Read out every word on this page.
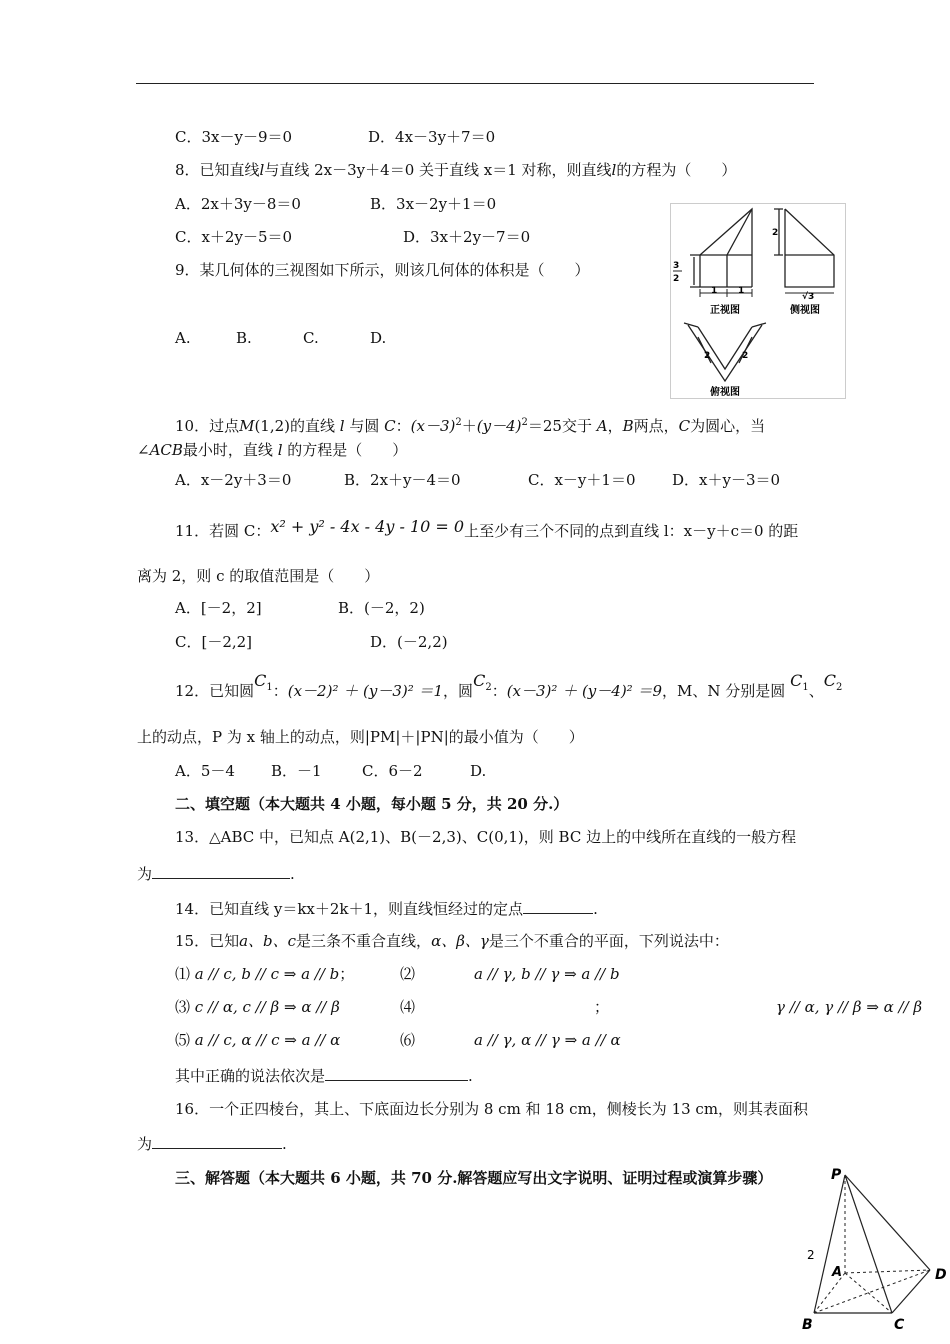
C．3x－y－9＝0	D．4x－3y＋7＝0
8．已知直线l与直线 2x－3y＋4＝0 关于直线 x＝1 对称，则直线l的方程为（　　）
A．2x＋3y－8＝0	B．3x－2y＋1＝0
C．x＋2y－5＝0	D．3x＋2y－7＝0
9．某几何体的三视图如下所示，则该几何体的体积是（　　）
A.	B.	C.	D.
3
2
1 1
正视图
2
√3
侧视图
2	2
俯视图
10．过点M(1,2)的直线 l 与圆 C：$(x-3)^2+(y-4)^2=25$交于 A，B两点，C为圆心，当
∠ACB最小时，直线 l 的方程是（　　）
A．x－2y＋3＝0	B．2x＋y－4＝0	C．x－y＋1＝0 D．x＋y－3＝0
11．若圆 C：x² + y² - 4x - 4y - 10 = 0上至少有三个不同的点到直线 l：x－y＋c＝0 的距
离为 2，则 c 的取值范围是（　　）
A．[－2，2]	B．(－2，2)
C．[－2,2]	D．(－2,2)
12．已知圆$C_1$：(x－2)² ＋ (y－3)² ＝1，圆$C_2$：(x－3)² ＋ (y－4)² ＝9，M、N 分别是圆 $C_1$、$C_2$
上的动点，P 为 x 轴上的动点，则|PM|＋|PN|的最小值为（　　）
A．5－4 B．－1	C．6－2	D.
二、填空题（本大题共 4 小题，每小题 5 分，共 20 分.）
13．△ABC 中，已知点 A(2,1)、B(－2,3)、C(0,1)，则 BC 边上的中线所在直线的一般方程
为	.
14．已知直线 y＝kx＋2k＋1，则直线恒经过的定点	.
15．已知a、b、c是三条不重合直线，α、β、γ是三个不重合的平面，下列说法中：
⑴ a // c, b // c ⇒ a // b；	⑵	a // γ, b // γ ⇒ a // b
⑶ c // α, c // β ⇒ α // β	⑷	；	γ // α, γ // β ⇒ α // β
⑸ a // c, α // c ⇒ a // α	⑹	a // γ, α // γ ⇒ a // α
其中正确的说法依次是	.
16．一个正四棱台，其上、下底面边长分别为 8 cm 和 18 cm，侧棱长为 13 cm，则其表面积
为	.
三、解答题（本大题共 6 小题，共 70 分.解答题应写出文字说明、证明过程或演算步骤）	P
A
B	C
D
2
